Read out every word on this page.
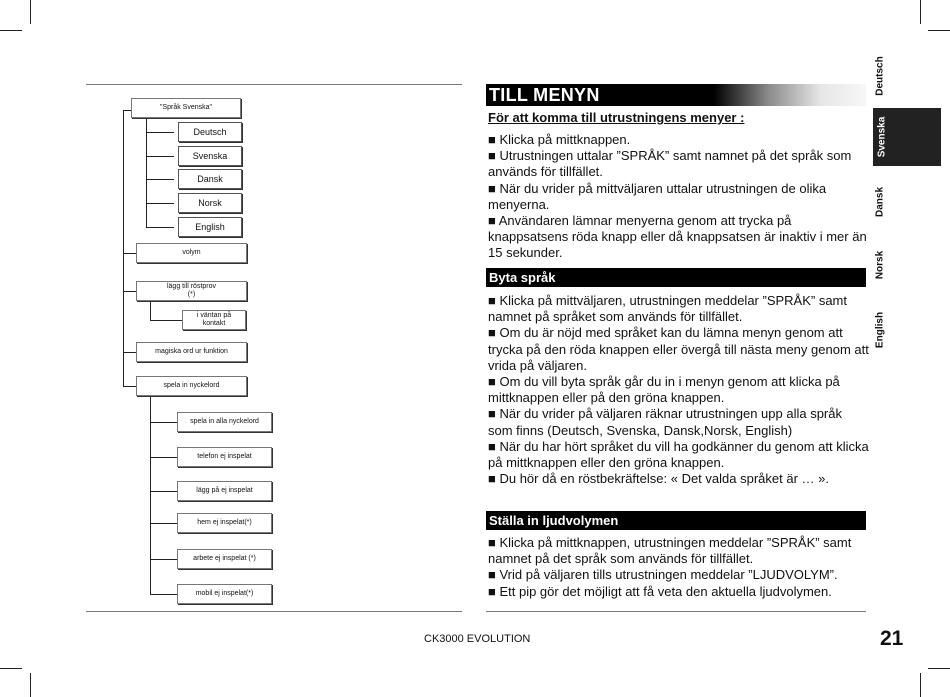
"Språk Svenska"
Deutsch
Svenska
Dansk
Norsk
English
volym
lägg till röstprov
(*)
i väntan på
kontakt
magiska ord ur funktion
spela in nyckelord
spela in alla nyckelord
telefon ej inspelat
lägg på ej inspelat
hem ej inspelat(*)
arbete ej inspelat (*)
mobil ej inspelat(*)
TILL MENYN
För att komma till utrustningens menyer :

■ Klicka på mittknappen.

■ Utrustningen uttalar ”SPRÅK” samt namnet på det språk som används för tillfället.

■ När du vrider på mittväljaren uttalar utrustningen de olika menyerna.

■ Användaren lämnar menyerna genom att trycka på knappsatsens röda knapp eller då knappsatsen är inaktiv i mer än 15 sekunder.

Byta språk

■ Klicka på mittväljaren, utrustningen meddelar ”SPRÅK” samt namnet på språket som används för tillfället.

■ Om du är nöjd med språket kan du lämna menyn genom att trycka på den röda knappen eller övergå till nästa meny genom att vrida på väljaren.

■ Om du vill byta språk går du in i menyn genom att klicka på mittknappen eller på den gröna knappen.

■ När du vrider på väljaren räknar utrustningen upp alla språk som finns (Deutsch, Svenska, Dansk,Norsk, English)

■ När du har hört språket du vill ha godkänner du genom att klicka på mittknappen eller den gröna knappen.

■ Du hör då en röstbekräftelse: « Det valda språket är … ».

Ställa in ljudvolymen

■ Klicka på mittknappen, utrustningen meddelar ”SPRÅK” samt namnet på det språk som används för tillfället.

■ Vrid på väljaren tills utrustningen meddelar ”LJUDVOLYM”.

■ Ett pip gör det möjligt att få veta den aktuella ljudvolymen.

Deutsch
Svenska
Dansk
Norsk
English
CK3000 EVOLUTION	21
